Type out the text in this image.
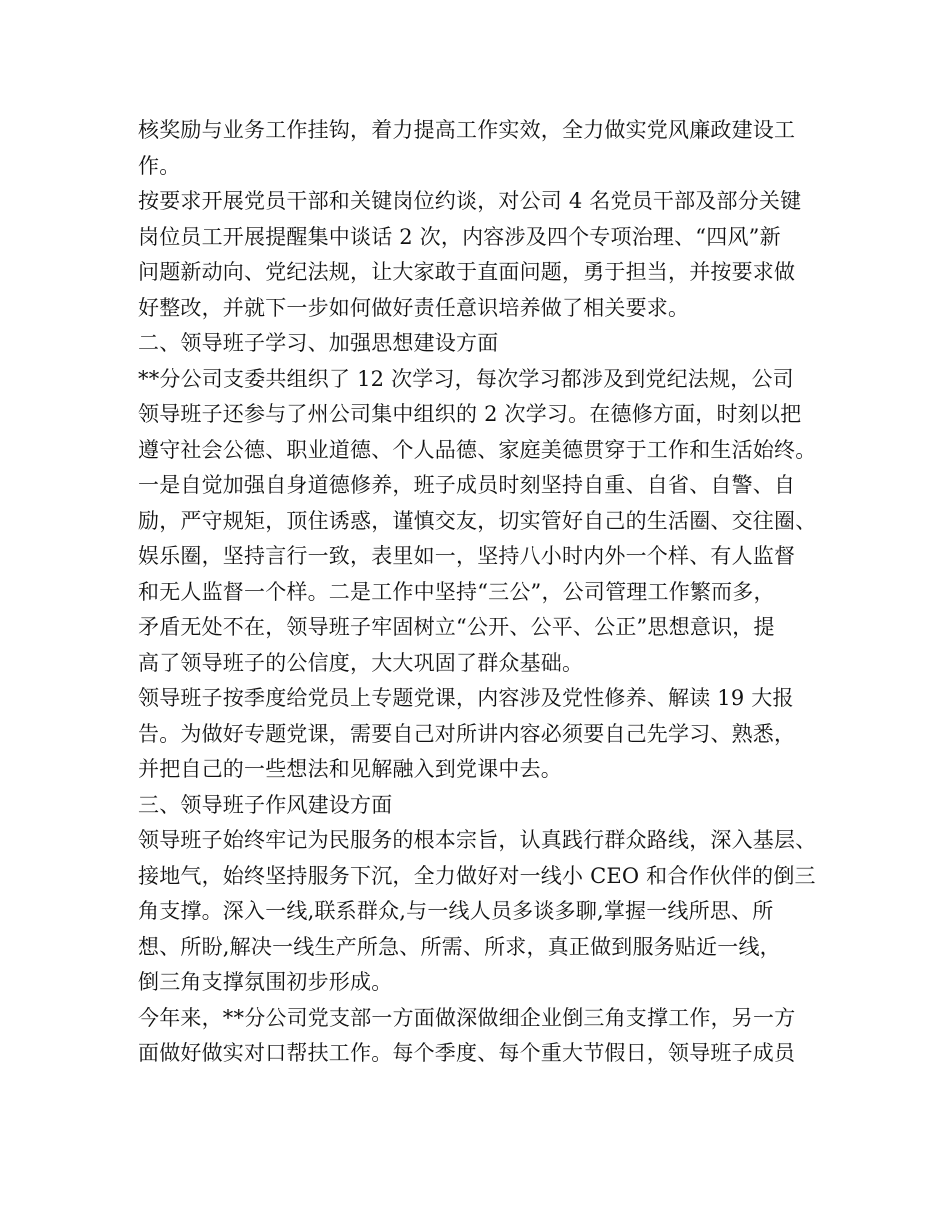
核奖励与业务工作挂钩，着力提高工作实效，全力做实党风廉政建设工

作。

按要求开展党员干部和关键岗位约谈，对公司 4 名党员干部及部分关键

岗位员工开展提醒集中谈话 2 次，内容涉及四个专项治理、“四风”新

问题新动向、党纪法规，让大家敢于直面问题，勇于担当，并按要求做

好整改，并就下一步如何做好责任意识培养做了相关要求。

二、领导班子学习、加强思想建设方面

**分公司支委共组织了 12 次学习，每次学习都涉及到党纪法规，公司

领导班子还参与了州公司集中组织的 2 次学习。在德修方面，时刻以把

遵守社会公德、职业道德、个人品德、家庭美德贯穿于工作和生活始终。

一是自觉加强自身道德修养，班子成员时刻坚持自重、自省、自警、自

励，严守规矩，顶住诱惑，谨慎交友，切实管好自己的生活圈、交往圈、

娱乐圈，坚持言行一致，表里如一，坚持八小时内外一个样、有人监督

和无人监督一个样。二是工作中坚持“三公”，公司管理工作繁而多，

矛盾无处不在，领导班子牢固树立“公开、公平、公正”思想意识，提

高了领导班子的公信度，大大巩固了群众基础。

领导班子按季度给党员上专题党课，内容涉及党性修养、解读 19 大报

告。为做好专题党课，需要自己对所讲内容必须要自己先学习、熟悉，

并把自己的一些想法和见解融入到党课中去。

三、领导班子作风建设方面

领导班子始终牢记为民服务的根本宗旨，认真践行群众路线，深入基层、

接地气，始终坚持服务下沉，全力做好对一线小 CEO 和合作伙伴的倒三

角支撑。深入一线,联系群众,与一线人员多谈多聊,掌握一线所思、所

想、所盼,解决一线生产所急、所需、所求，真正做到服务贴近一线，

倒三角支撑氛围初步形成。

今年来，**分公司党支部一方面做深做细企业倒三角支撑工作，另一方

面做好做实对口帮扶工作。每个季度、每个重大节假日，领导班子成员
